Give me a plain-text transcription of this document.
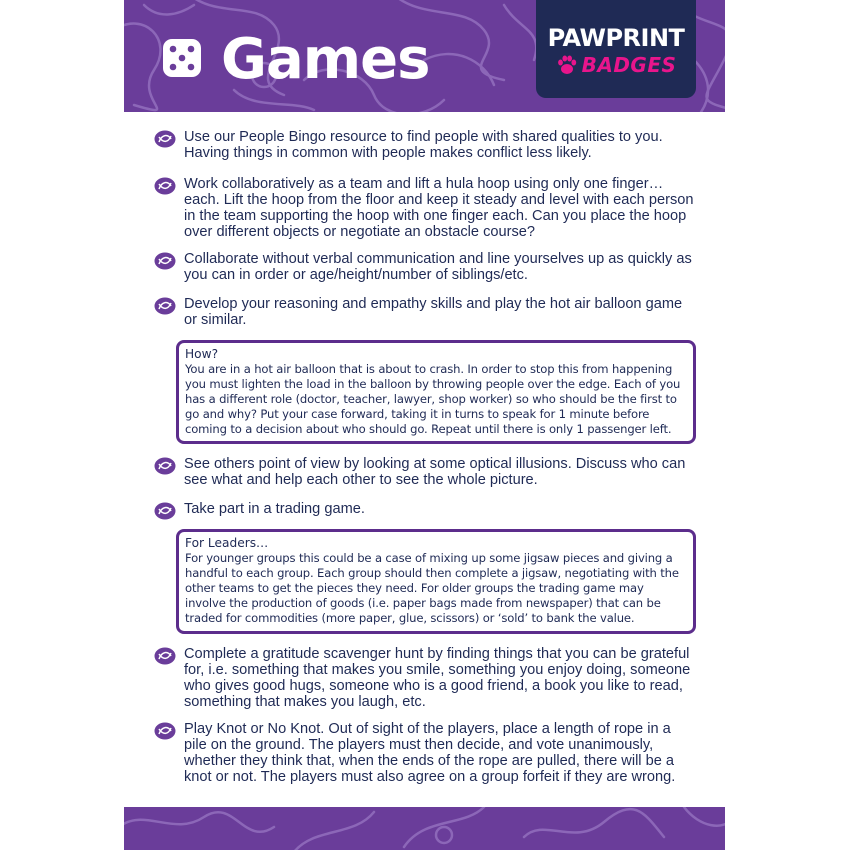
Games	PAWPRINT
BADGES
Use our People Bingo resource to find people with shared qualities to you. Having things in common with people makes conflict less likely.
Work collaboratively as a team and lift a hula hoop using only one finger… each. Lift the hoop from the floor and keep it steady and level with each person in the team supporting the hoop with one finger each. Can you place the hoop over different objects or negotiate an obstacle course?
Collaborate without verbal communication and line yourselves up as quickly as you can in order or age/height/number of siblings/etc.
Develop your reasoning and empathy skills and play the hot air balloon game or similar.
How?
You are in a hot air balloon that is about to crash. In order to stop this from happening you must lighten the load in the balloon by throwing people over the edge. Each of you has a different role (doctor, teacher, lawyer, shop worker) so who should be the first to go and why? Put your case forward, taking it in turns to speak for 1 minute before coming to a decision about who should go. Repeat until there is only 1 passenger left.
See others point of view by looking at some optical illusions. Discuss who can see what and help each other to see the whole picture.
Take part in a trading game.
For Leaders…
For younger groups this could be a case of mixing up some jigsaw pieces and giving a handful to each group. Each group should then complete a jigsaw, negotiating with the other teams to get the pieces they need. For older groups the trading game may involve the production of goods (i.e. paper bags made from newspaper) that can be traded for commodities (more paper, glue, scissors) or ‘sold’ to bank the value.
Complete a gratitude scavenger hunt by finding things that you can be grateful for, i.e. something that makes you smile, something you enjoy doing, someone who gives good hugs, someone who is a good friend, a book you like to read, something that makes you laugh, etc.
Play Knot or No Knot. Out of sight of the players, place a length of rope in a pile on the ground. The players must then decide, and vote unanimously, whether they think that, when the ends of the rope are pulled, there will be a knot or not. The players must also agree on a group forfeit if they are wrong.
